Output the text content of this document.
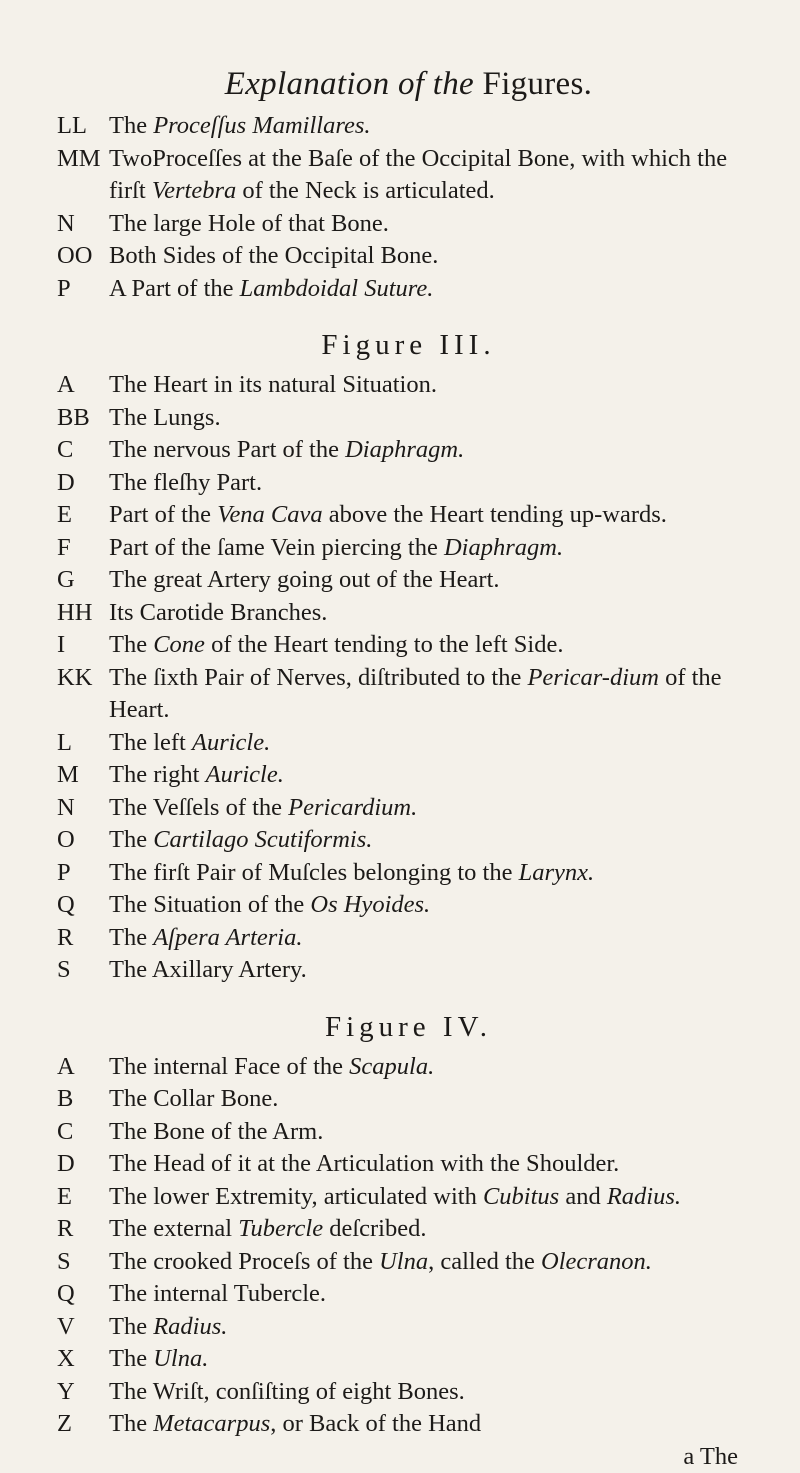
Explanation of the Figures.
LL The Proceſſus Mamillares.
MM TwoProceſſes at the Baſe of the Occipital Bone, with which the firſt Vertebra of the Neck is articulated.
N	The large Hole of that Bone.
OO Both Sides of the Occipital Bone.
P	A Part of the Lambdoidal Suture.
Figure III.
A	The Heart in its natural Situation.
BB The Lungs.
C	The nervous Part of the Diaphragm.
D	The fleſhy Part.
E	Part of the Vena Cava above the Heart tending up-wards.
F	Part of the ſame Vein piercing the Diaphragm.
G	The great Artery going out of the Heart.
HH Its Carotide Branches.
I	The Cone of the Heart tending to the left Side.
KK The ſixth Pair of Nerves, diſtributed to the Pericar-dium of the Heart.
L	The left Auricle.
M	The right Auricle.
N	The Veſſels of the Pericardium.
O	The Cartilago Scutiformis.
P	The firſt Pair of Muſcles belonging to the Larynx.
Q	The Situation of the Os Hyoides.
R	The Aſpera Arteria.
S	The Axillary Artery.
Figure IV.
A	The internal Face of the Scapula.
B	The Collar Bone.
C	The Bone of the Arm.
D	The Head of it at the Articulation with the Shoulder.
E	The lower Extremity, articulated with Cubitus and Radius.
R	The external Tubercle deſcribed.
S	The crooked Proceſs of the Ulna, called the Olecranon.
Q	The internal Tubercle.
V	The Radius.
X	The Ulna.
Y	The Wriſt, conſiſting of eight Bones.
Z	The Metacarpus, or Back of the Hand
a The
